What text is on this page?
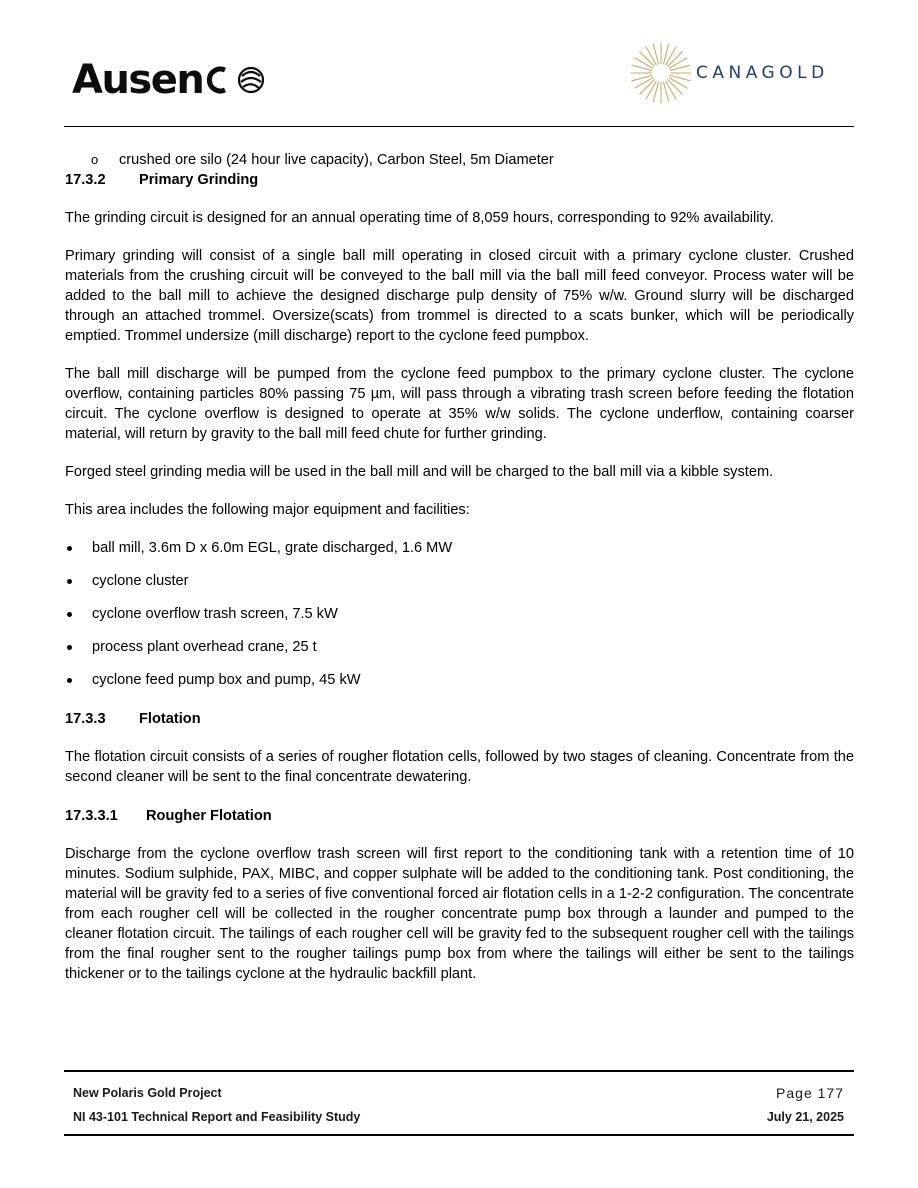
Ausen	CANAGOLD

o crushed ore silo (24 hour live capacity), Carbon Steel, 5m Diameter

17.3.2	Primary Grinding

The grinding circuit is designed for an annual operating time of 8,059 hours, corresponding to 92% availability.

Primary grinding will consist of a single ball mill operating in closed circuit with a primary cyclone cluster. Crushed materials from the crushing circuit will be conveyed to the ball mill via the ball mill feed conveyor. Process water will be added to the ball mill to achieve the designed discharge pulp density of 75% w/w. Ground slurry will be discharged through an attached trommel. Oversize(scats) from trommel is directed to a scats bunker, which will be periodically emptied. Trommel undersize (mill discharge) report to the cyclone feed pumpbox.

The ball mill discharge will be pumped from the cyclone feed pumpbox to the primary cyclone cluster. The cyclone overflow, containing particles 80% passing 75 µm, will pass through a vibrating trash screen before feeding the flotation circuit. The cyclone overflow is designed to operate at 35% w/w solids. The cyclone underflow, containing coarser material, will return by gravity to the ball mill feed chute for further grinding.

Forged steel grinding media will be used in the ball mill and will be charged to the ball mill via a kibble system.

This area includes the following major equipment and facilities:

ball mill, 3.6m D x 6.0m EGL, grate discharged, 1.6 MW
cyclone cluster
cyclone overflow trash screen, 7.5 kW
process plant overhead crane, 25 t
cyclone feed pump box and pump, 45 kW
17.3.3	Flotation

The flotation circuit consists of a series of rougher flotation cells, followed by two stages of cleaning. Concentrate from the second cleaner will be sent to the final concentrate dewatering.

17.3.3.1	Rougher Flotation

Discharge from the cyclone overflow trash screen will first report to the conditioning tank with a retention time of 10 minutes. Sodium sulphide, PAX, MIBC, and copper sulphate will be added to the conditioning tank. Post conditioning, the material will be gravity fed to a series of five conventional forced air flotation cells in a 1-2-2 configuration. The concentrate from each rougher cell will be collected in the rougher concentrate pump box through a launder and pumped to the cleaner flotation circuit. The tailings of each rougher cell will be gravity fed to the subsequent rougher cell with the tailings from the final rougher sent to the rougher tailings pump box from where the tailings will either be sent to the tailings thickener or to the tailings cyclone at the hydraulic backfill plant.

New Polaris Gold Project
NI 43-101 Technical Report and Feasibility Study
Page 177
July 21, 2025
